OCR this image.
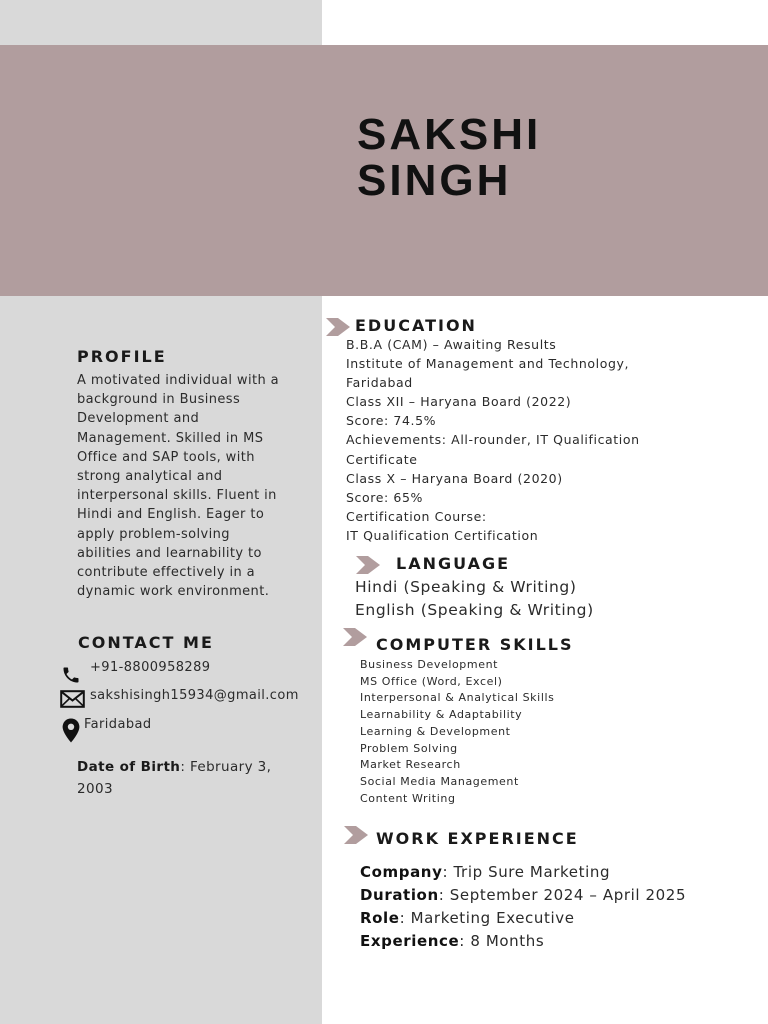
SAKSHI
SINGH
PROFILE

A motivated individual with a background in Business Development and Management. Skilled in MS Office and SAP tools, with strong analytical and interpersonal skills. Fluent in Hindi and English. Eager to apply problem-solving abilities and learnability to contribute effectively in a dynamic work environment.

CONTACT ME
+91-8800958289
sakshisingh15934@gmail.com
Faridabad
Date of Birth: February 3, 2003
EDUCATION
B.B.A (CAM) – Awaiting Results
Institute of Management and Technology,
Faridabad
Class XII – Haryana Board (2022)
Score: 74.5%
Achievements: All-rounder, IT Qualification
Certificate
Class X – Haryana Board (2020)
Score: 65%
Certification Course:
IT Qualification Certification
LANGUAGE
Hindi (Speaking & Writing)
English (Speaking & Writing)
COMPUTER SKILLS
Business Development
MS Office (Word, Excel)
Interpersonal & Analytical Skills
Learnability & Adaptability
Learning & Development
Problem Solving
Market Research
Social Media Management
Content Writing
WORK EXPERIENCE
Company: Trip Sure Marketing
Duration: September 2024 – April 2025
Role: Marketing Executive
Experience: 8 Months
